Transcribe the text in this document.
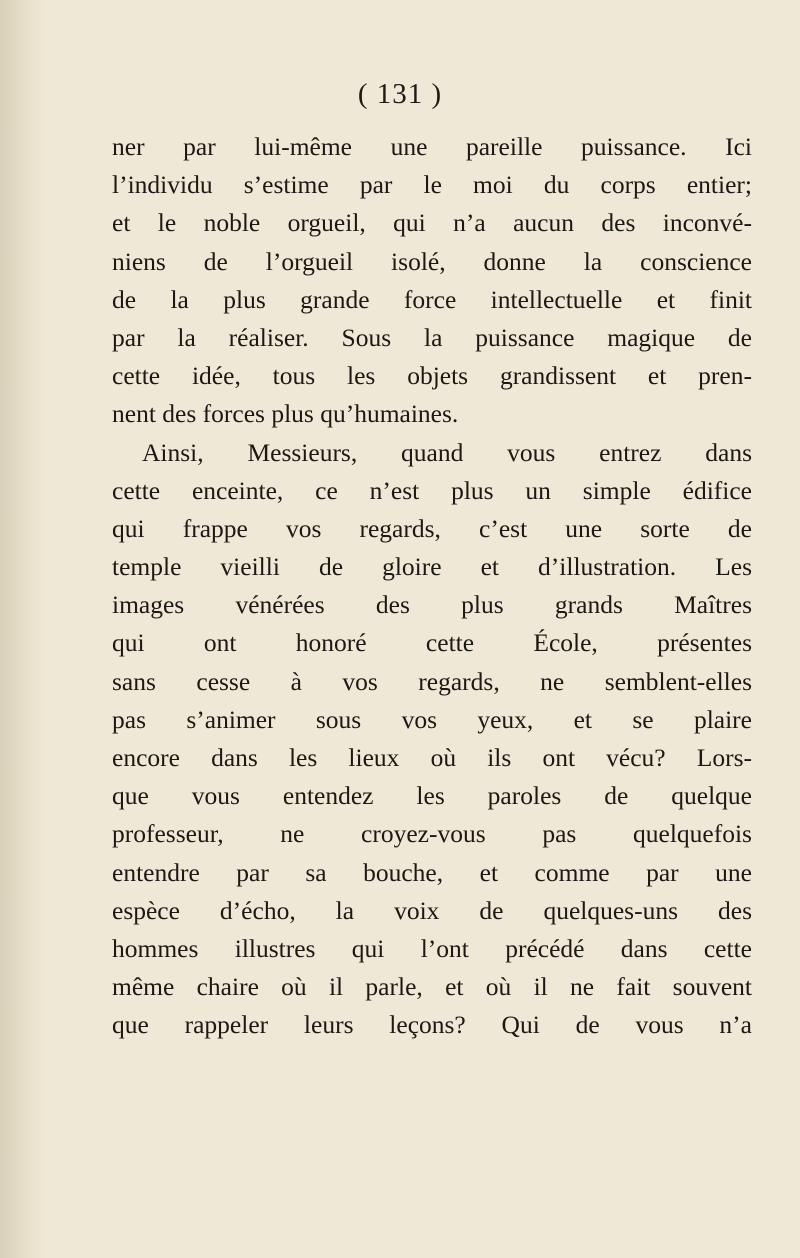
( 131 )
ner par lui-même une pareille puissance. Ici
l’individu s’estime par le moi du corps entier;
et le noble orgueil, qui n’a aucun des inconvé-
niens de l’orgueil isolé, donne la conscience
de la plus grande force intellectuelle et finit
par la réaliser. Sous la puissance magique de
cette idée, tous les objets grandissent et pren-
nent des forces plus qu’humaines.
Ainsi, Messieurs, quand vous entrez dans
cette enceinte, ce n’est plus un simple édifice
qui frappe vos regards, c’est une sorte de
temple vieilli de gloire et d’illustration. Les
images vénérées des plus grands Maîtres
qui ont honoré cette École, présentes
sans cesse à vos regards, ne semblent-elles
pas s’animer sous vos yeux, et se plaire
encore dans les lieux où ils ont vécu? Lors-
que vous entendez les paroles de quelque
professeur, ne croyez-vous pas quelquefois
entendre par sa bouche, et comme par une
espèce d’écho, la voix de quelques-uns des
hommes illustres qui l’ont précédé dans cette
même chaire où il parle, et où il ne fait souvent
que rappeler leurs leçons? Qui de vous n’a
